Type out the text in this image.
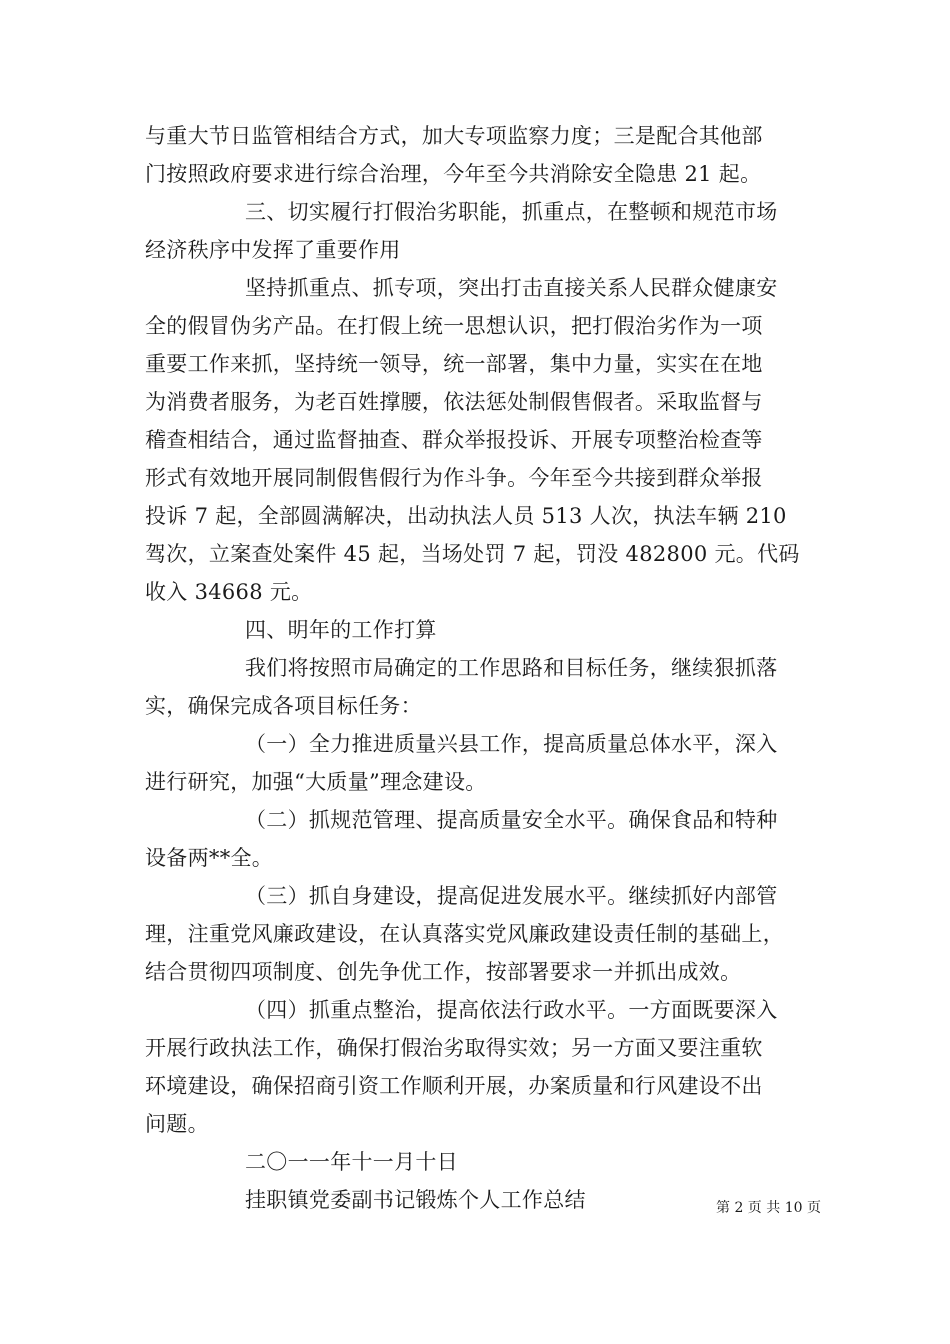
与重大节日监管相结合方式，加大专项监察力度；三是配合其他部
门按照政府要求进行综合治理，今年至今共消除安全隐患 21 起。
三、切实履行打假治劣职能，抓重点，在整顿和规范市场
经济秩序中发挥了重要作用
坚持抓重点、抓专项，突出打击直接关系人民群众健康安
全的假冒伪劣产品。在打假上统一思想认识，把打假治劣作为一项
重要工作来抓，坚持统一领导，统一部署，集中力量，实实在在地
为消费者服务，为老百姓撑腰，依法惩处制假售假者。采取监督与
稽查相结合，通过监督抽查、群众举报投诉、开展专项整治检查等
形式有效地开展同制假售假行为作斗争。今年至今共接到群众举报
投诉 7 起，全部圆满解决，出动执法人员 513 人次，执法车辆 210
驾次，立案查处案件 45 起，当场处罚 7 起，罚没 482800 元。代码
收入 34668 元。
四、明年的工作打算
我们将按照市局确定的工作思路和目标任务，继续狠抓落
实，确保完成各项目标任务：
（一）全力推进质量兴县工作，提高质量总体水平，深入
进行研究，加强“大质量”理念建设。
（二）抓规范管理、提高质量安全水平。确保食品和特种
设备两**全。
（三）抓自身建设，提高促进发展水平。继续抓好内部管
理，注重党风廉政建设，在认真落实党风廉政建设责任制的基础上，
结合贯彻四项制度、创先争优工作，按部署要求一并抓出成效。
（四）抓重点整治，提高依法行政水平。一方面既要深入
开展行政执法工作，确保打假治劣取得实效；另一方面又要注重软
环境建设，确保招商引资工作顺利开展，办案质量和行风建设不出
问题。
二〇一一年十一月十日
挂职镇党委副书记锻炼个人工作总结	第 2 页 共 10 页
